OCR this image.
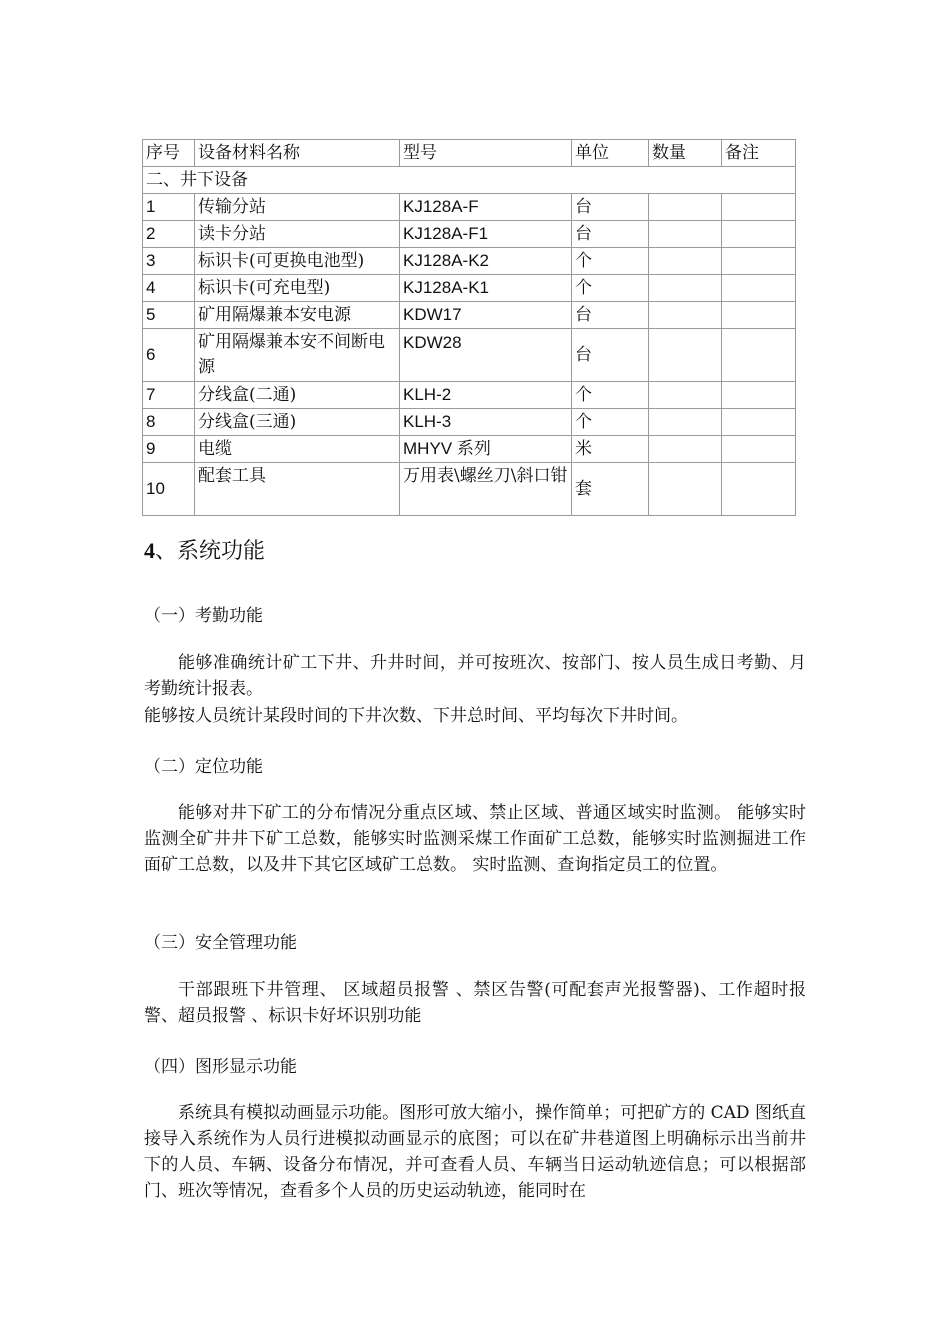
序号	设备材料名称	型号	单位	数量	备注
二、井下设备					
1	传输分站	KJ128A-F	台		
2	读卡分站	KJ128A-F1	台		
3	标识卡(可更换电池型)	KJ128A-K2	个		
4	标识卡(可充电型)	KJ128A-K1	个		
5	矿用隔爆兼本安电源	KDW17	台		
6	矿用隔爆兼本安不间断电源	KDW28	台		
7	分线盒(二通)	KLH-2	个		
8	分线盒(三通)	KLH-3	个		
9	电缆	MHYV 系列	米		
10	配套工具	万用表\螺丝刀\斜口钳	套		
4、系统功能
（一）考勤功能
能够准确统计矿工下井、升井时间，并可按班次、按部门、按人员生成日考勤、月考勤统计报表。
能够按人员统计某段时间的下井次数、下井总时间、平均每次下井时间。
（二）定位功能
能够对井下矿工的分布情况分重点区域、禁止区域、普通区域实时监测。 能够实时监测全矿井井下矿工总数，能够实时监测采煤工作面矿工总数，能够实时监测掘进工作面矿工总数，以及井下其它区域矿工总数。 实时监测、查询指定员工的位置。
（三）安全管理功能
干部跟班下井管理、 区域超员报警 、禁区告警(可配套声光报警器)、工作超时报警、超员报警 、标识卡好坏识别功能
（四）图形显示功能
系统具有模拟动画显示功能。图形可放大缩小，操作简单；可把矿方的 CAD 图纸直接导入系统作为人员行进模拟动画显示的底图；可以在矿井巷道图上明确标示出当前井下的人员、车辆、设备分布情况，并可查看人员、车辆当日运动轨迹信息；可以根据部门、班次等情况，查看多个人员的历史运动轨迹，能同时在
